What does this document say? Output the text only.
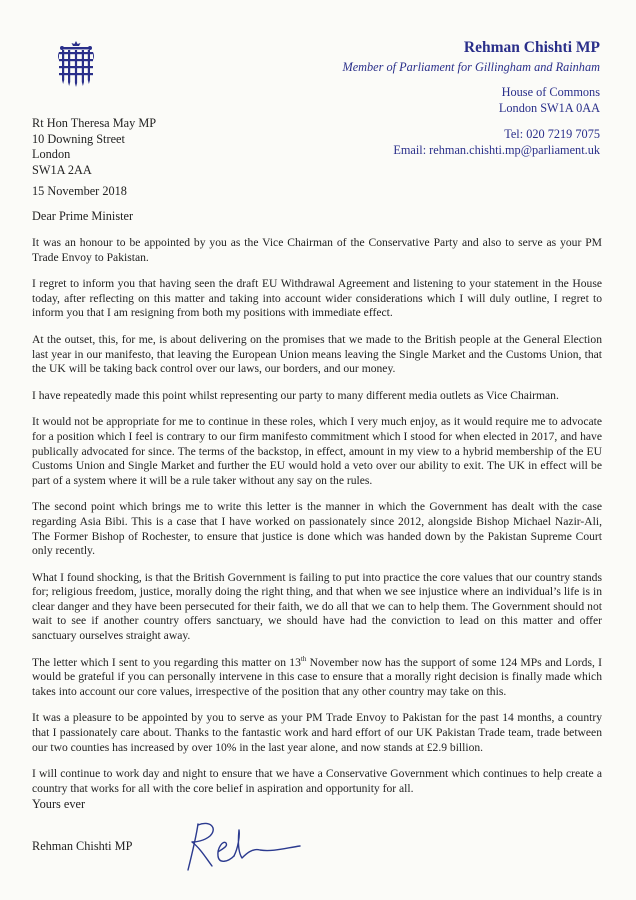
Rehman Chishti MP
Member of Parliament for Gillingham and Rainham
House of Commons
London SW1A 0AA
Tel: 020 7219 7075
Email: rehman.chishti.mp@parliament.uk
Rt Hon Theresa May MP
10 Downing Street
London
SW1A 2AA
15 November 2018
Dear Prime Minister

It was an honour to be appointed by you as the Vice Chairman of the Conservative Party and also to serve as your PM Trade Envoy to Pakistan.

I regret to inform you that having seen the draft EU Withdrawal Agreement and listening to your statement in the House today, after reflecting on this matter and taking into account wider considerations which I will duly outline, I regret to inform you that I am resigning from both my positions with immediate effect.

At the outset, this, for me, is about delivering on the promises that we made to the British people at the General Election last year in our manifesto, that leaving the European Union means leaving the Single Market and the Customs Union, that the UK will be taking back control over our laws, our borders, and our money.

I have repeatedly made this point whilst representing our party to many different media outlets as Vice Chairman.

It would not be appropriate for me to continue in these roles, which I very much enjoy, as it would require me to advocate for a position which I feel is contrary to our firm manifesto commitment which I stood for when elected in 2017, and have publically advocated for since. The terms of the backstop, in effect, amount in my view to a hybrid membership of the EU Customs Union and Single Market and further the EU would hold a veto over our ability to exit. The UK in effect will be part of a system where it will be a rule taker without any say on the rules.

The second point which brings me to write this letter is the manner in which the Government has dealt with the case regarding Asia Bibi. This is a case that I have worked on passionately since 2012, alongside Bishop Michael Nazir-Ali, The Former Bishop of Rochester, to ensure that justice is done which was handed down by the Pakistan Supreme Court only recently.

What I found shocking, is that the British Government is failing to put into practice the core values that our country stands for; religious freedom, justice, morally doing the right thing, and that when we see injustice where an individual’s life is in clear danger and they have been persecuted for their faith, we do all that we can to help them. The Government should not wait to see if another country offers sanctuary, we should have had the conviction to lead on this matter and offer sanctuary ourselves straight away.

The letter which I sent to you regarding this matter on 13th November now has the support of some 124 MPs and Lords, I would be grateful if you can personally intervene in this case to ensure that a morally right decision is finally made which takes into account our core values, irrespective of the position that any other country may take on this.

It was a pleasure to be appointed by you to serve as your PM Trade Envoy to Pakistan for the past 14 months, a country that I passionately care about. Thanks to the fantastic work and hard effort of our UK Pakistan Trade team, trade between our two counties has increased by over 10% in the last year alone, and now stands at £2.9 billion.

I will continue to work day and night to ensure that we have a Conservative Government which continues to help create a country that works for all with the core belief in aspiration and opportunity for all.

Yours ever
Rehman Chishti MP
